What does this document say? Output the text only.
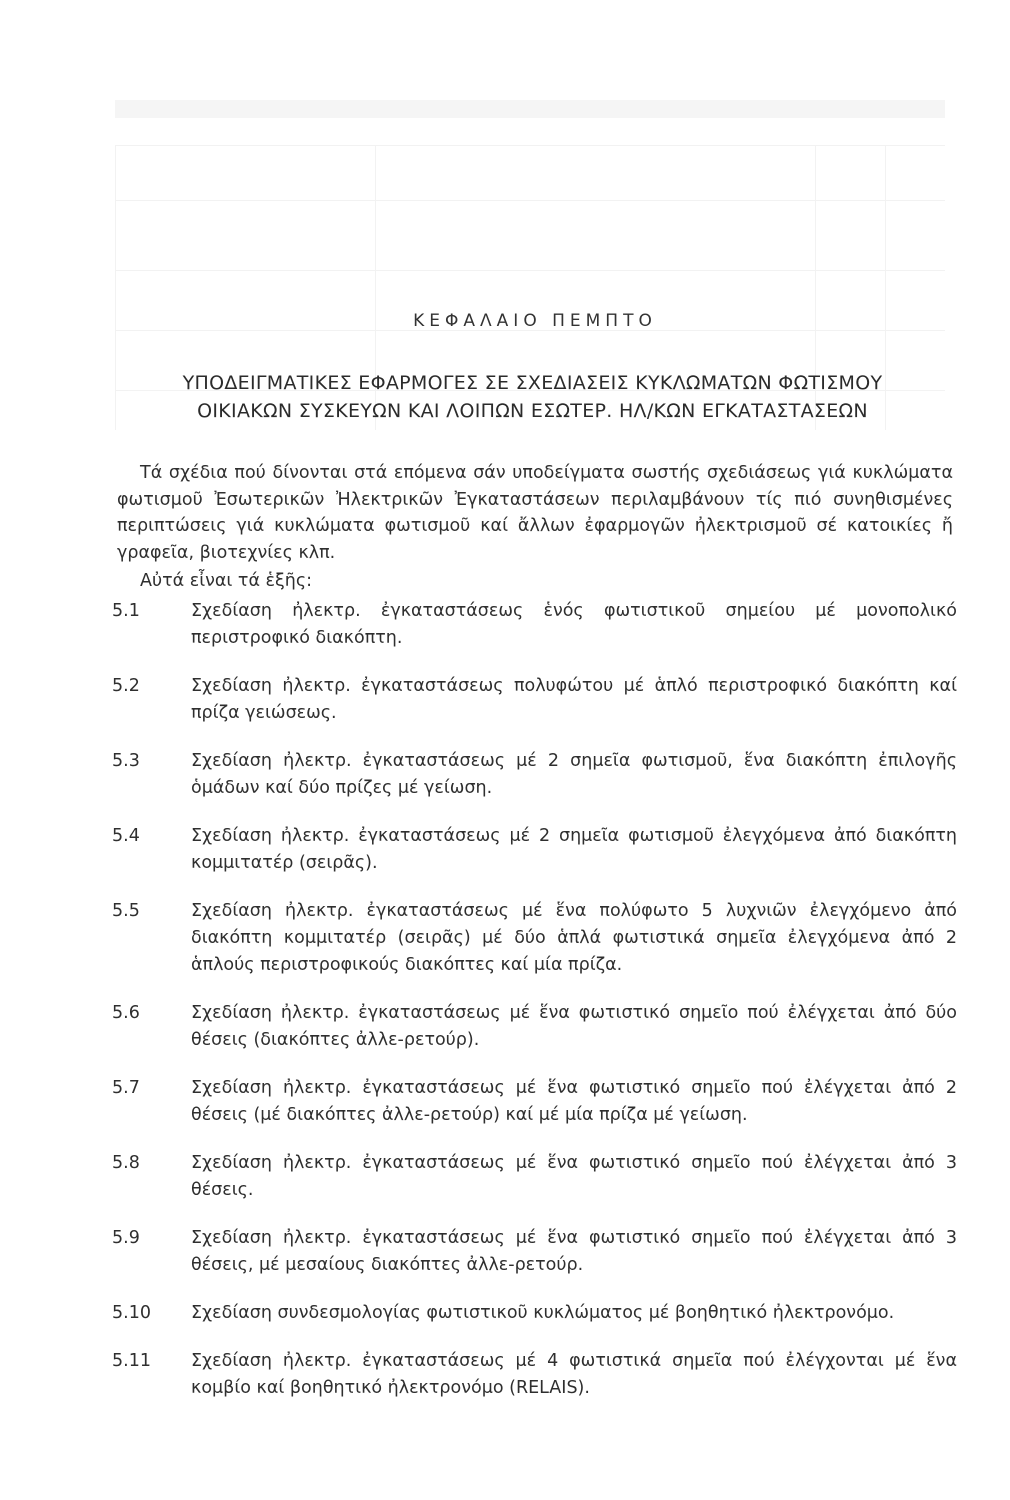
ΚΕΦΑΛΑΙΟ ΠΕΜΠΤΟ
ΥΠΟΔΕΙΓΜΑΤΙΚΕΣ ΕΦΑΡΜΟΓΕΣ ΣΕ ΣΧΕΔΙΑΣΕΙΣ ΚΥΚΛΩΜΑΤΩΝ ΦΩΤΙΣΜΟΥ
ΟΙΚΙΑΚΩΝ ΣΥΣΚΕΥΩΝ ΚΑΙ ΛΟΙΠΩΝ ΕΣΩΤΕΡ. ΗΛ/ΚΩΝ ΕΓΚΑΤΑΣΤΑΣΕΩΝ

Τά σχέδια πού δίνονται στά επόμενα σάν υποδείγματα σωστής σχεδιάσεως γιά κυκλώματα φωτισμοῦ Ἐσωτερικῶν Ἠλεκτρικῶν Ἐγκαταστάσεων περιλαμβάνουν τίς πιό συνηθισμένες περιπτώσεις γιά κυκλώματα φωτισμοῦ καί ἄλλων ἐφαρμογῶν ἠλεκτρισμοῦ σέ κατοικίες ἤ γραφεῖα, βιοτεχνίες κλπ.

Αὐτά εἶναι τά ἑξῆς:
5.1	Σχεδίαση ἠλεκτρ. ἐγκαταστάσεως ἑνός φωτιστικοῦ σημείου μέ μονοπολικό περιστροφικό διακόπτη.
5.2	Σχεδίαση ἠλεκτρ. ἐγκαταστάσεως πολυφώτου μέ ἁπλό περιστροφικό διακόπτη καί πρίζα γειώσεως.
5.3	Σχεδίαση ἠλεκτρ. ἐγκαταστάσεως μέ 2 σημεῖα φωτισμοῦ, ἕνα διακόπτη ἐπιλογῆς ὁμάδων καί δύο πρίζες μέ γείωση.
5.4	Σχεδίαση ἠλεκτρ. ἐγκαταστάσεως μέ 2 σημεῖα φωτισμοῦ ἐλεγχόμενα ἀπό διακόπτη κομμιτατέρ (σειρᾶς).
5.5	Σχεδίαση ἠλεκτρ. ἐγκαταστάσεως μέ ἕνα πολύφωτο 5 λυχνιῶν ἐλεγχόμενο ἀπό διακόπτη κομμιτατέρ (σειρᾶς) μέ δύο ἁπλά φωτιστικά σημεῖα ἐλεγχόμενα ἀπό 2 ἁπλούς περιστροφικούς διακόπτες καί μία πρίζα.
5.6	Σχεδίαση ἠλεκτρ. ἐγκαταστάσεως μέ ἕνα φωτιστικό σημεῖο πού ἐλέγχεται ἀπό δύο θέσεις (διακόπτες ἀλλε-ρετούρ).
5.7	Σχεδίαση ἠλεκτρ. ἐγκαταστάσεως μέ ἕνα φωτιστικό σημεῖο πού ἐλέγχεται ἀπό 2 θέσεις (μέ διακόπτες ἀλλε-ρετούρ) καί μέ μία πρίζα μέ γείωση.
5.8	Σχεδίαση ἠλεκτρ. ἐγκαταστάσεως μέ ἕνα φωτιστικό σημεῖο πού ἐλέγχεται ἀπό 3 θέσεις.
5.9	Σχεδίαση ἠλεκτρ. ἐγκαταστάσεως μέ ἕνα φωτιστικό σημεῖο πού ἐλέγχεται ἀπό 3 θέσεις, μέ μεσαίους διακόπτες ἀλλε-ρετούρ.
5.10	Σχεδίαση συνδεσμολογίας φωτιστικοῦ κυκλώματος μέ βοηθητικό ἠλεκτρονόμο.
5.11	Σχεδίαση ἠλεκτρ. ἐγκαταστάσεως μέ 4 φωτιστικά σημεῖα πού ἐλέγχονται μέ ἕνα κομβίο καί βοηθητικό ἠλεκτρονόμο (RELAIS).
